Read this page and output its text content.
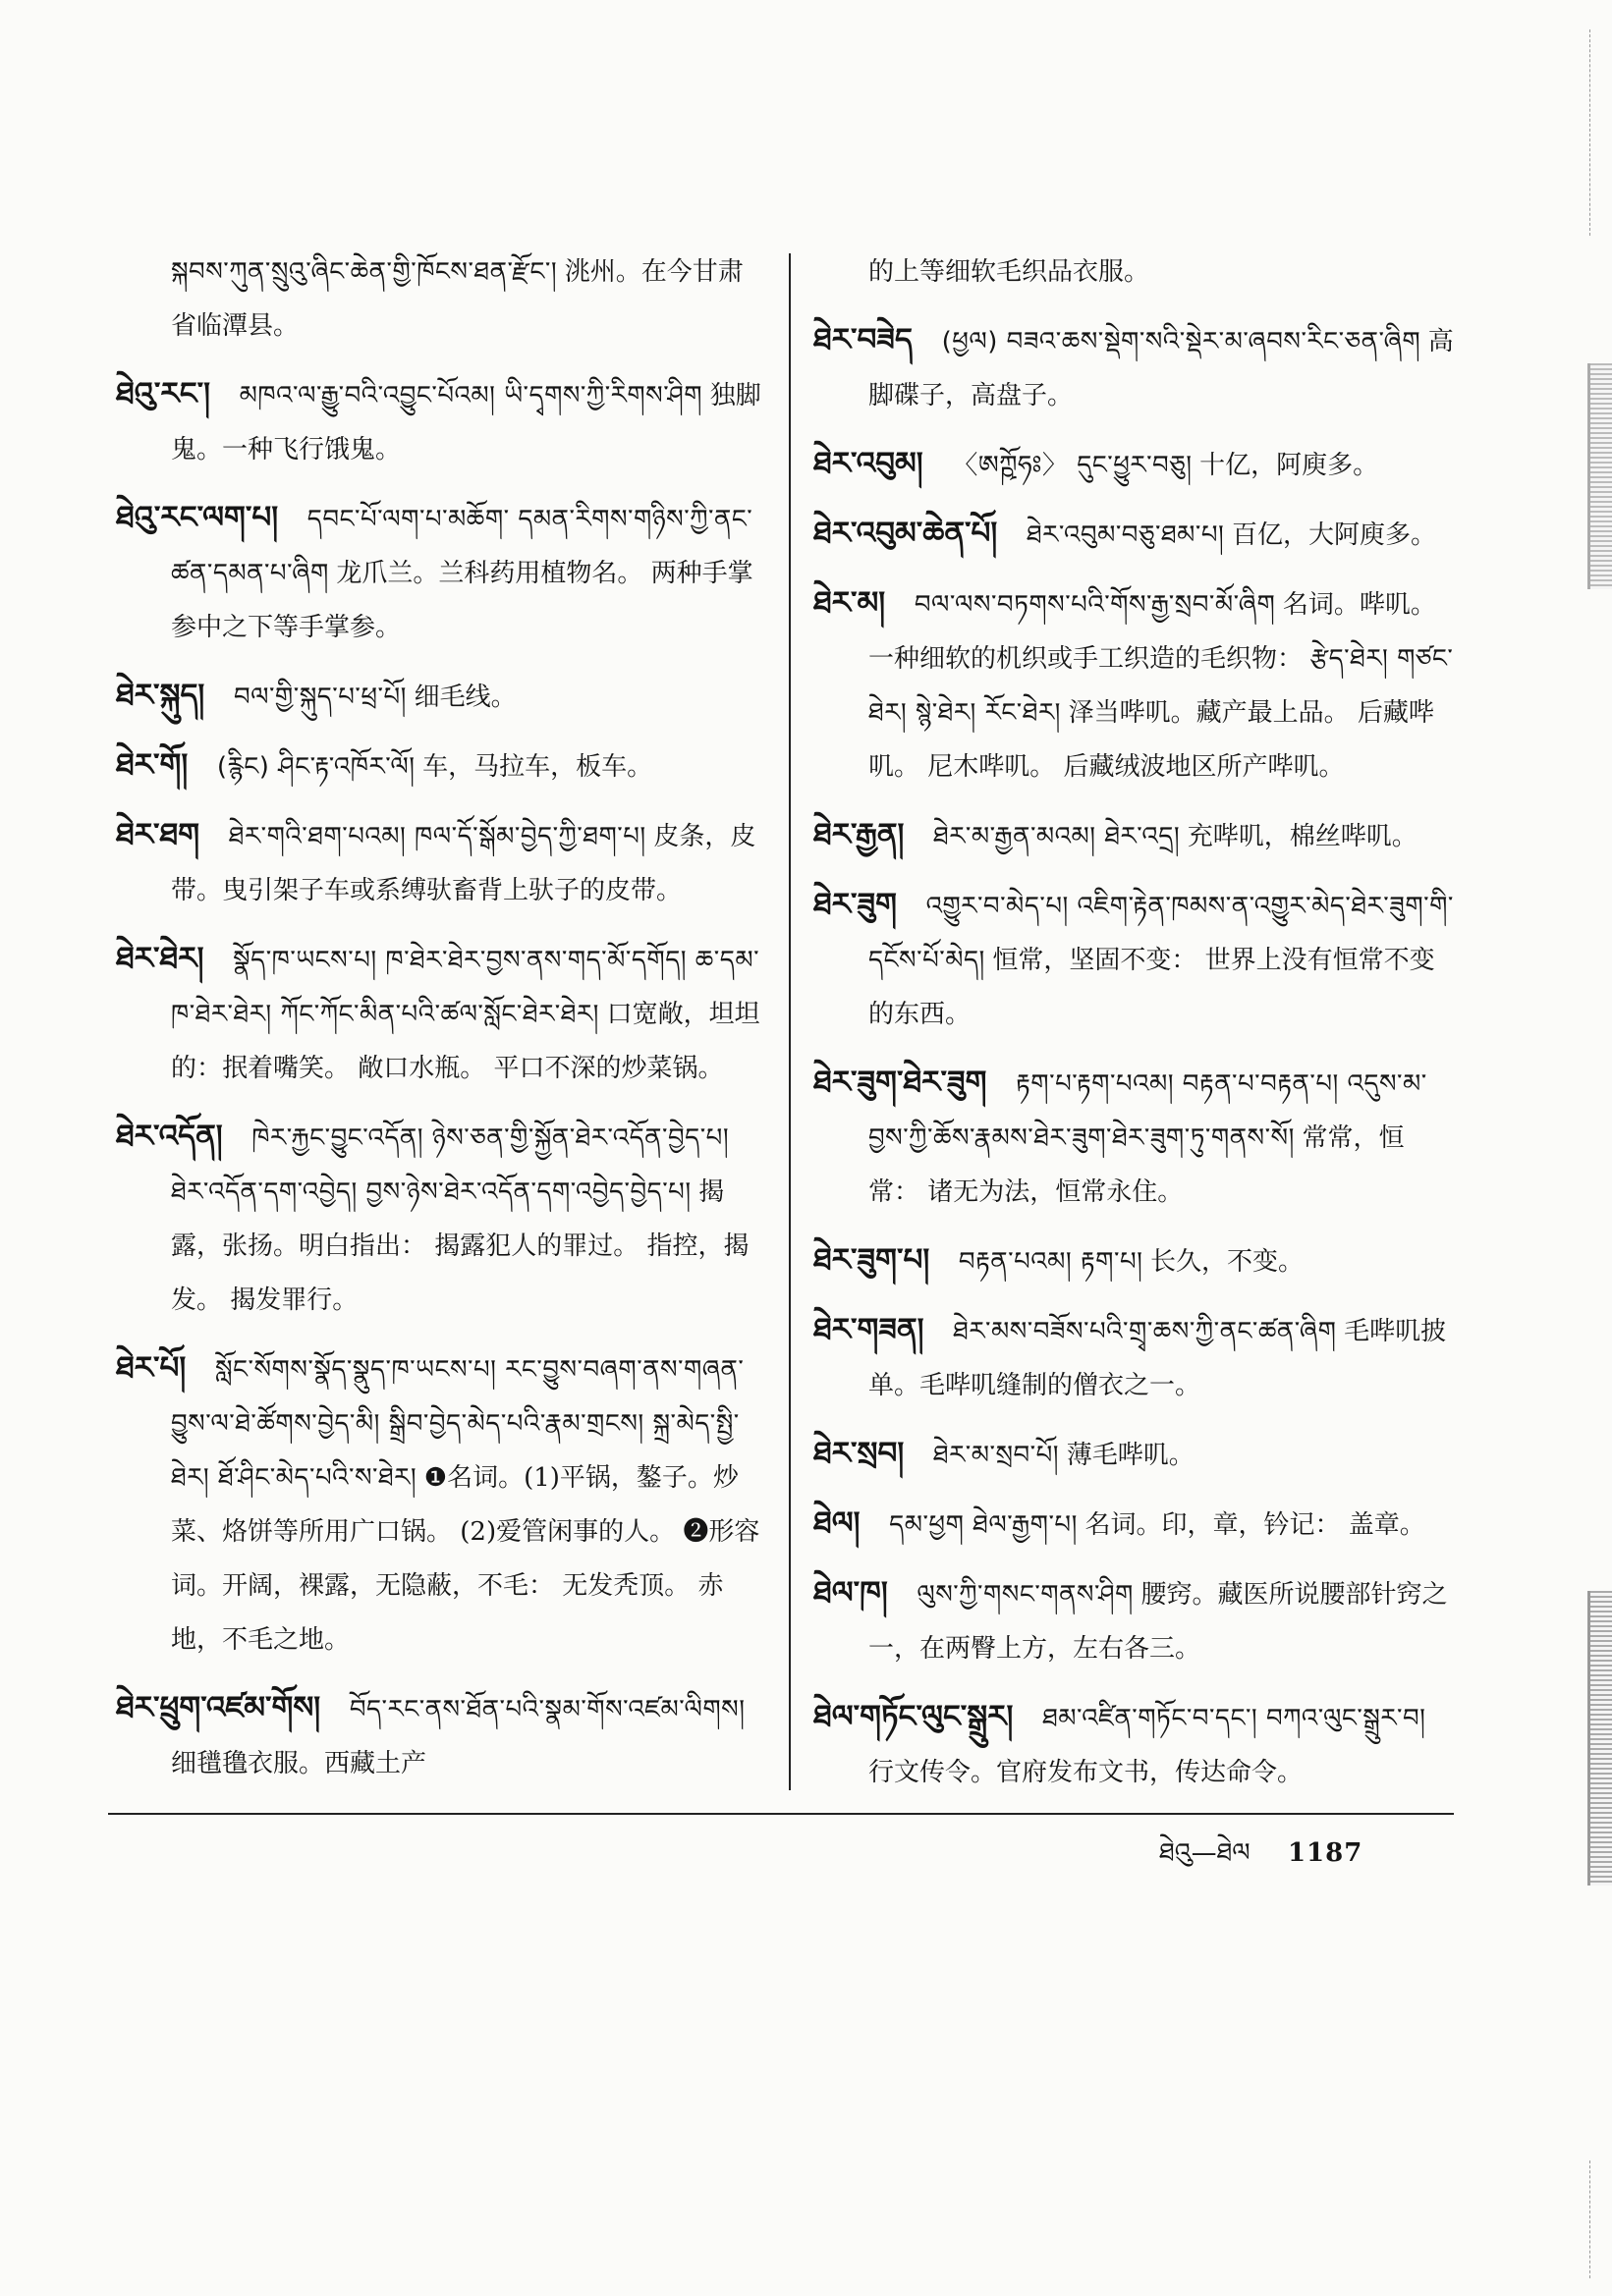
སྐབས་ཀུན་སྲུའུ་ཞིང་ཆེན་གྱི་ཁོངས་ཐན་རྫོང་། 洮州。在今甘肃省临潭县。
ཐེའུ་རང་། མཁའ་ལ་རྒྱུ་བའི་འབྱུང་པོའམ། ཡི་དྭགས་ཀྱི་རིགས་ཤིག 独脚鬼。一种飞行饿鬼。
ཐེའུ་རང་ལག་པ། དབང་པོ་ལག་པ་མཆོག་ དམན་རིགས་གཉིས་ཀྱི་ནང་ཚན་དམན་པ་ཞིག 龙爪兰。兰科药用植物名。 两种手掌参中之下等手掌参。
ཐེར་སྐུད། བལ་གྱི་སྐུད་པ་ཕྲ་པོ། 细毛线。
ཐེར་གོ། (རྙིང) ཤིང་རྟ་འཁོར་ལོ། 车，马拉车，板车。
ཐེར་ཐག ཐེར་གའི་ཐག་པའམ། ཁལ་དོ་སྒོམ་བྱེད་ཀྱི་ཐག་པ། 皮条，皮带。曳引架子车或系缚驮畜背上驮子的皮带。
ཐེར་ཐེར། སྣོད་ཁ་ཡངས་པ། ཁ་ཐེར་ཐེར་བྱས་ནས་གད་མོ་དགོད། ཆ་དམ་ཁ་ཐེར་ཐེར། ཀོང་ཀོང་མིན་པའི་ཚལ་སློང་ཐེར་ཐེར། 口宽敞，坦坦的：抿着嘴笑。 敞口水瓶。 平口不深的炒菜锅。
ཐེར་འདོན། ཁེར་རྐྱང་བྱུང་འདོན། ཉེས་ཅན་གྱི་སྐྱོན་ཐེར་འདོན་བྱེད་པ། ཐེར་འདོན་དག་འབྱེད། བྱས་ཉེས་ཐེར་འདོན་དག་འབྱེད་བྱེད་པ། 揭露，张扬。明白指出： 揭露犯人的罪过。 指控，揭发。 揭发罪行。
ཐེར་པོ། སློང་སོགས་སྣོད་སྣུད་ཁ་ཡངས་པ། རང་བྱུས་བཞག་ནས་གཞན་བྱུས་ལ་ཐེ་ཚོགས་བྱེད་མི། སྒྲིབ་བྱེད་མེད་པའི་རྣམ་གྲངས། སྐྲ་མེད་སྤྱི་ཐེར། ཐོ་ཤིང་མེད་པའི་ས་ཐེར། ❶名词。(1)平锅，鏊子。炒菜、烙饼等所用广口锅。 (2)爱管闲事的人。 ❷形容词。开阔，裸露，无隐蔽，不毛： 无发秃顶。 赤地，不毛之地。
ཐེར་ཕྲུག་འཛམ་གོས། བོད་རང་ནས་ཐོན་པའི་སྣམ་གོས་འཛམ་ལིགས། 细氆氇衣服。西藏土产
的上等细软毛织品衣服。
ཐེར་བཟེད (ཕྱལ) བཟའ་ཆས་སྡེག་སའི་སྡེར་མ་ཞབས་རིང་ཅན་ཞིག 高脚碟子，高盘子。
ཐེར་འབུམ། 〈ཨཀྵོཧཿ〉 དུང་ཕྱུར་བཅུ། 十亿，阿庾多。
ཐེར་འབུམ་ཆེན་པོ། ཐེར་འབུམ་བཅུ་ཐམ་པ། 百亿，大阿庾多。
ཐེར་མ། བལ་ལས་བཏགས་པའི་གོས་རྒྱ་སྲབ་མོ་ཞིག 名词。哔叽。一种细软的机织或手工织造的毛织物： རྩེད་ཐེར། གཙང་ཐེར། སྙེ་ཐེར། རོང་ཐེར། 泽当哔叽。藏产最上品。 后藏哔叽。 尼木哔叽。 后藏绒波地区所产哔叽。
ཐེར་རྒྱན། ཐེར་མ་རྒྱན་མའམ། ཐེར་འདྲ། 充哔叽，棉丝哔叽。
ཐེར་ཟུག འགྱུར་བ་མེད་པ། འཇིག་རྟེན་ཁམས་ན་འགྱུར་མེད་ཐེར་ཟུག་གི་དངོས་པོ་མེད། 恒常，坚固不变： 世界上没有恒常不变的东西。
ཐེར་ཟུག་ཐེར་ཟུག རྟག་པ་རྟག་པའམ། བརྟན་པ་བརྟན་པ། འདུས་མ་བྱས་ཀྱི་ཆོས་རྣམས་ཐེར་ཟུག་ཐེར་ཟུག་ཏུ་གནས་སོ། 常常，恒常： 诸无为法，恒常永住。
ཐེར་ཟུག་པ། བརྟན་པའམ། རྟག་པ། 长久，不变。
ཐེར་གཟན། ཐེར་མས་བཟོས་པའི་གྲྭ་ཆས་ཀྱི་ནང་ཚན་ཞིག 毛哔叽披单。毛哔叽缝制的僧衣之一。
ཐེར་སྲབ། ཐེར་མ་སྲབ་པོ། 薄毛哔叽。
ཐེལ། དམ་ཕྱག ཐེལ་རྒྱག་པ། 名词。印，章，钤记： 盖章。
ཐེལ་ཁ། ལུས་ཀྱི་གསང་གནས་ཤིག 腰窍。藏医所说腰部针窍之一，在两臀上方，左右各三。
ཐེལ་གཏོང་ལུང་སྒྲུར། ཐམ་འཛིན་གཏོང་བ་དང་། བཀའ་ལུང་སྒྲུར་བ། 行文传令。官府发布文书，传达命令。
ཐེའུ—ཐེལ 1187
